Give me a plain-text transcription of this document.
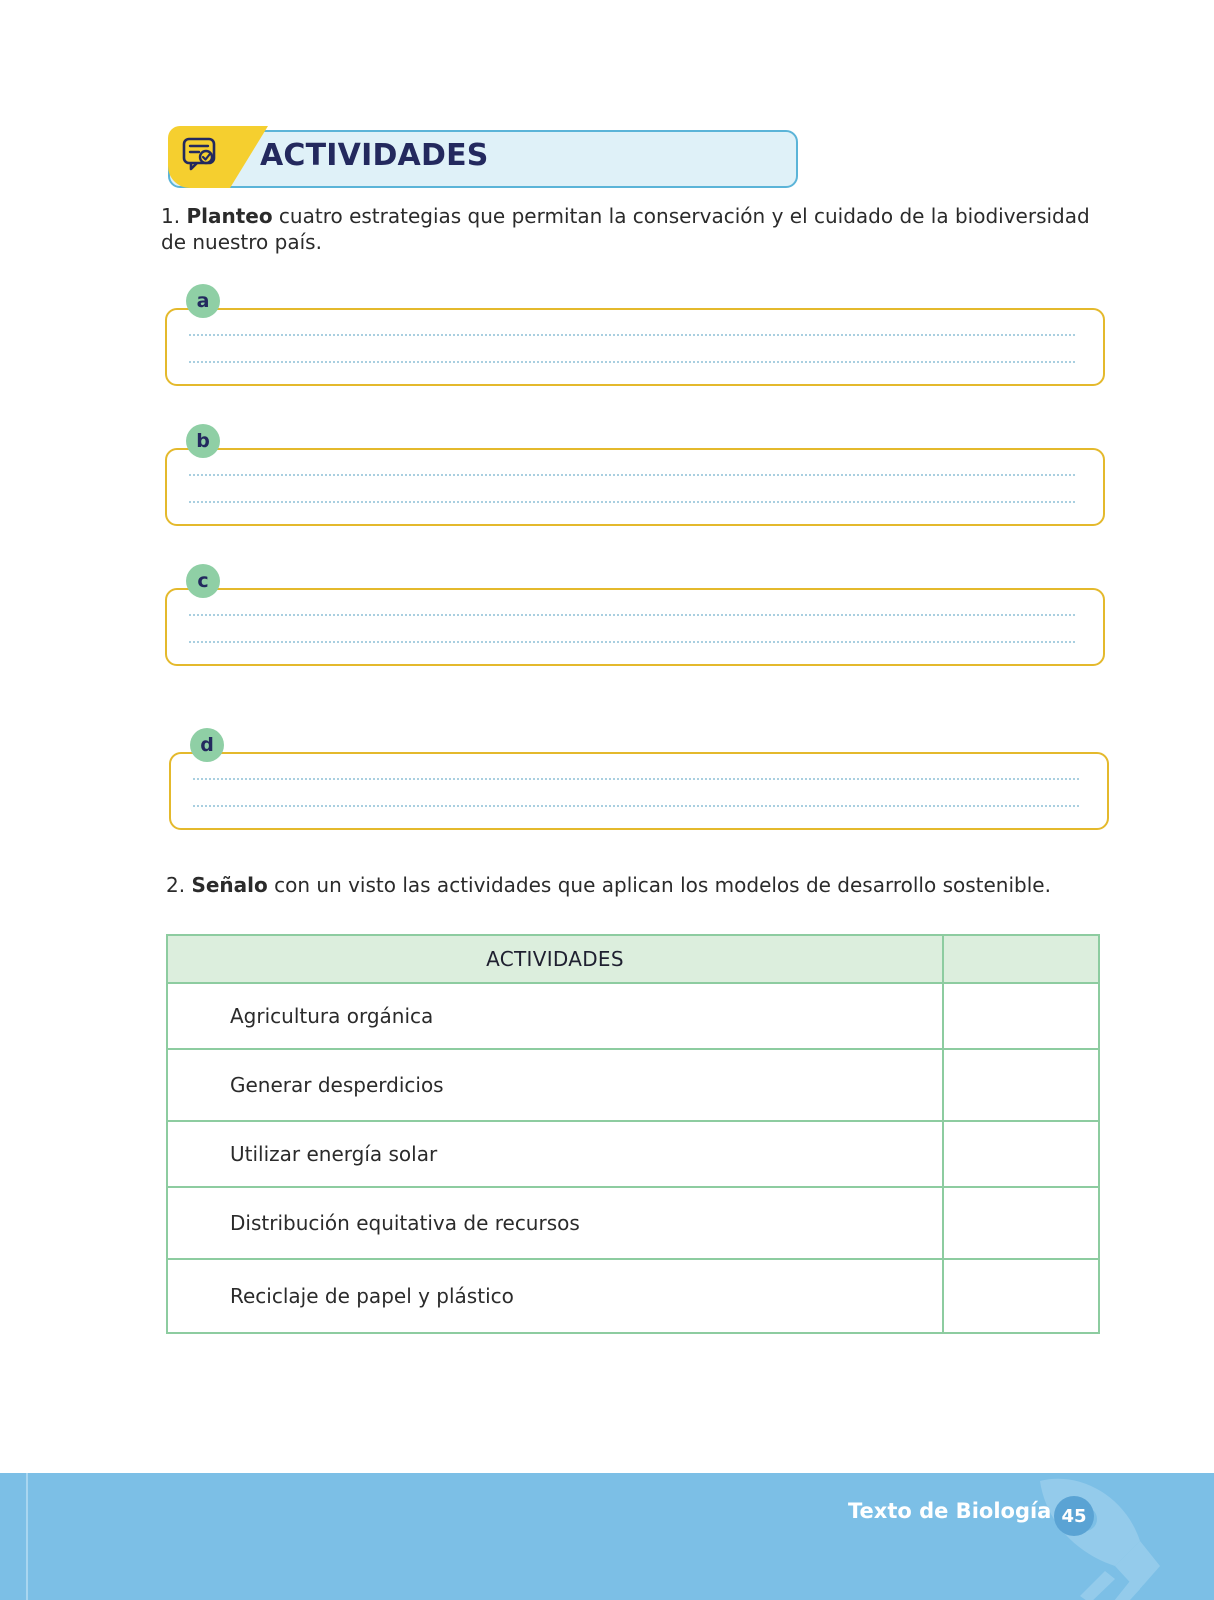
ACTIVIDADES
1. Planteo cuatro estrategias que permitan la conservación y el cuidado de la biodiversidad de nuestro país.
a
b
c
d
2. Señalo con un visto las actividades que aplican los modelos de desarrollo sostenible.
ACTIVIDADES	
Agricultura orgánica	
Generar desperdicios	
Utilizar energía solar	
Distribución equitativa de recursos	
Reciclaje de papel y plástico	
Texto de Biología 45
